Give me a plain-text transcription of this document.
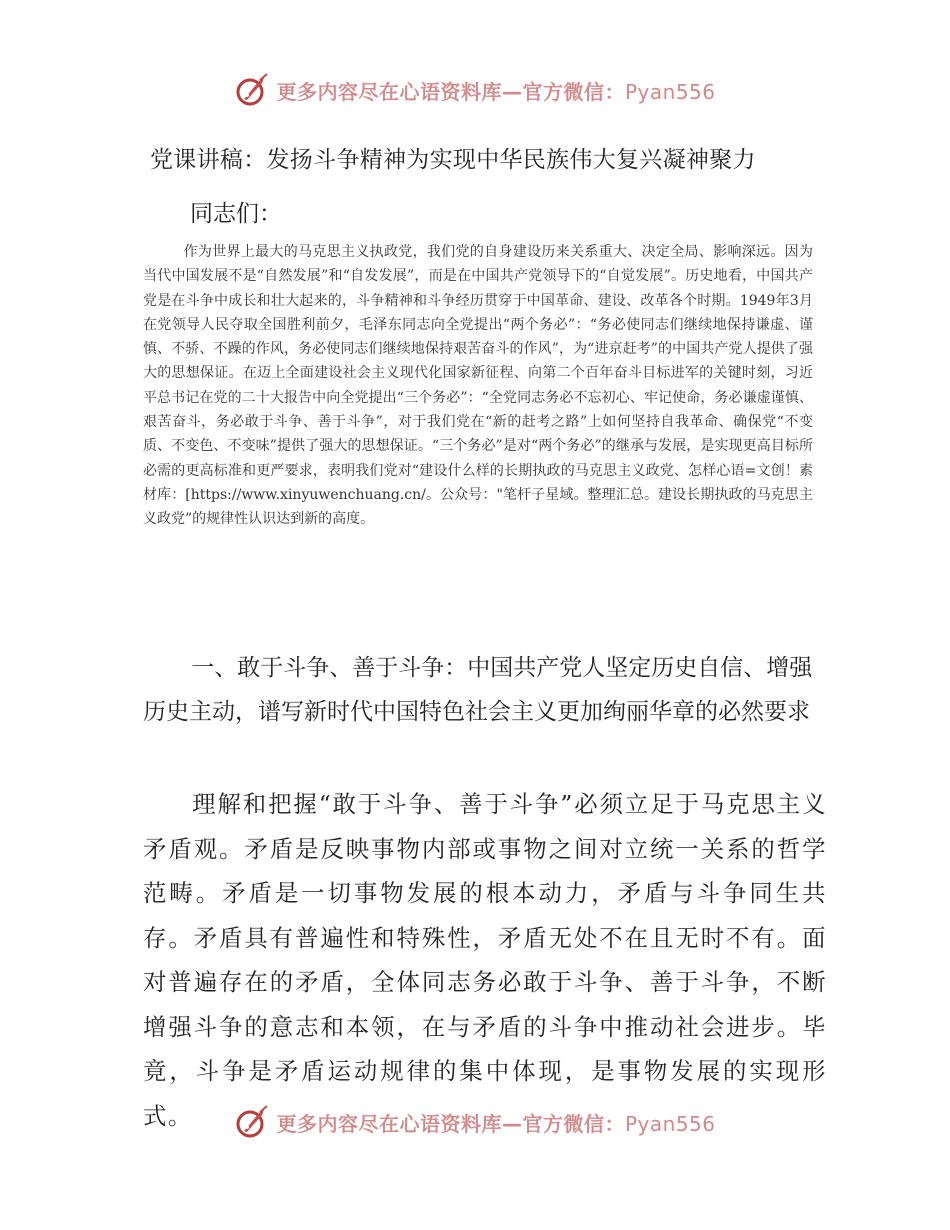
更多内容尽在心语资料库—官方微信：Pyan556
党课讲稿：发扬斗争精神为实现中华民族伟大复兴凝神聚力
同志们：
作为世界上最大的马克思主义执政党，我们党的自身建设历来关系重大、决定全局、影响深远。因为当代中国发展不是“自然发展”和“自发发展”，而是在中国共产党领导下的“自觉发展”。历史地看，中国共产党是在斗争中成长和壮大起来的，斗争精神和斗争经历贯穿于中国革命、建设、改革各个时期。1949年3月在党领导人民夺取全国胜利前夕，毛泽东同志向全党提出“两个务必”：“务必使同志们继续地保持谦虚、谨慎、不骄、不躁的作风，务必使同志们继续地保持艰苦奋斗的作风”，为“进京赶考”的中国共产党人提供了强大的思想保证。在迈上全面建设社会主义现代化国家新征程、向第二个百年奋斗目标进军的关键时刻，习近平总书记在党的二十大报告中向全党提出“三个务必”：“全党同志务必不忘初心、牢记使命，务必谦虚谨慎、艰苦奋斗，务必敢于斗争、善于斗争”，对于我们党在“新的赶考之路”上如何坚持自我革命、确保党“不变质、不变色、不变味”提供了强大的思想保证。“三个务必”是对“两个务必”的继承与发展，是实现更高目标所必需的更高标准和更严要求，表明我们党对“建设什么样的长期执政的马克思主义政党、怎样心语=文创！素材库：[https://www.xinyuwenchuang.cn/。公众号："笔杆子星域。整理汇总。建设长期执政的马克思主义政党”的规律性认识达到新的高度。
一、敢于斗争、善于斗争：中国共产党人坚定历史自信、增强历史主动，谱写新时代中国特色社会主义更加绚丽华章的必然要求
理解和把握“敢于斗争、善于斗争”必须立足于马克思主义矛盾观。矛盾是反映事物内部或事物之间对立统一关系的哲学范畴。矛盾是一切事物发展的根本动力，矛盾与斗争同生共存。矛盾具有普遍性和特殊性，矛盾无处不在且无时不有。面对普遍存在的矛盾，全体同志务必敢于斗争、善于斗争，不断增强斗争的意志和本领，在与矛盾的斗争中推动社会进步。毕竟，斗争是矛盾运动规律的集中体现，是事物发展的实现形式。	更多内容尽在心语资料库—官方微信：Pyan556
